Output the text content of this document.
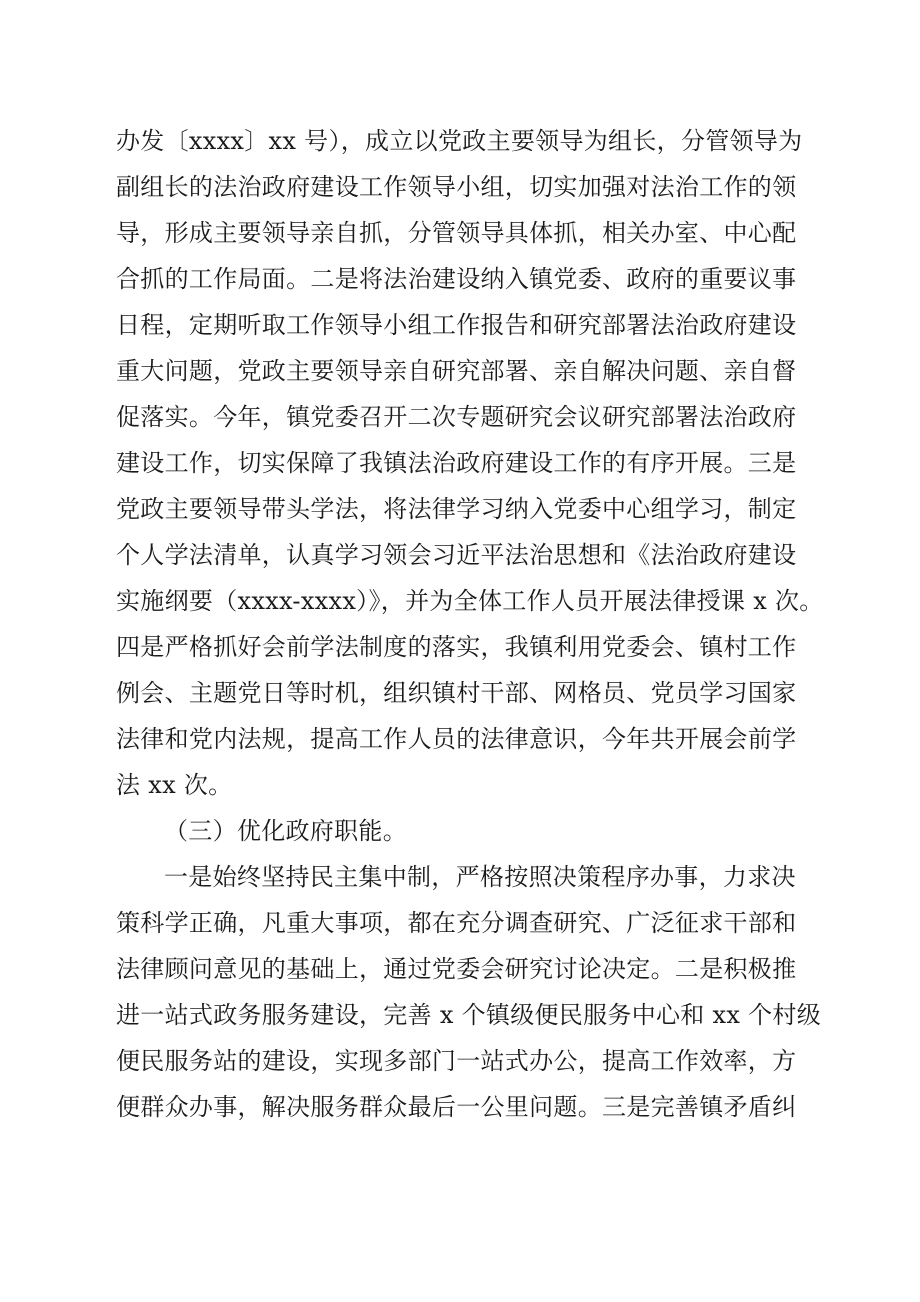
办发〔xxxx〕xx 号），成立以党政主要领导为组长，分管领导为
副组长的法治政府建设工作领导小组，切实加强对法治工作的领
导，形成主要领导亲自抓，分管领导具体抓，相关办室、中心配
合抓的工作局面。二是将法治建设纳入镇党委、政府的重要议事
日程，定期听取工作领导小组工作报告和研究部署法治政府建设
重大问题，党政主要领导亲自研究部署、亲自解决问题、亲自督
促落实。今年，镇党委召开二次专题研究会议研究部署法治政府
建设工作，切实保障了我镇法治政府建设工作的有序开展。三是
党政主要领导带头学法，将法律学习纳入党委中心组学习，制定
个人学法清单，认真学习领会习近平法治思想和《法治政府建设
实施纲要（xxxx-xxxx）》，并为全体工作人员开展法律授课 x 次。
四是严格抓好会前学法制度的落实，我镇利用党委会、镇村工作
例会、主题党日等时机，组织镇村干部、网格员、党员学习国家
法律和党内法规，提高工作人员的法律意识，今年共开展会前学
法 xx 次。
（三）优化政府职能。
一是始终坚持民主集中制，严格按照决策程序办事，力求决
策科学正确，凡重大事项，都在充分调查研究、广泛征求干部和
法律顾问意见的基础上，通过党委会研究讨论决定。二是积极推
进一站式政务服务建设，完善 x 个镇级便民服务中心和 xx 个村级
便民服务站的建设，实现多部门一站式办公，提高工作效率，方
便群众办事，解决服务群众最后一公里问题。三是完善镇矛盾纠
